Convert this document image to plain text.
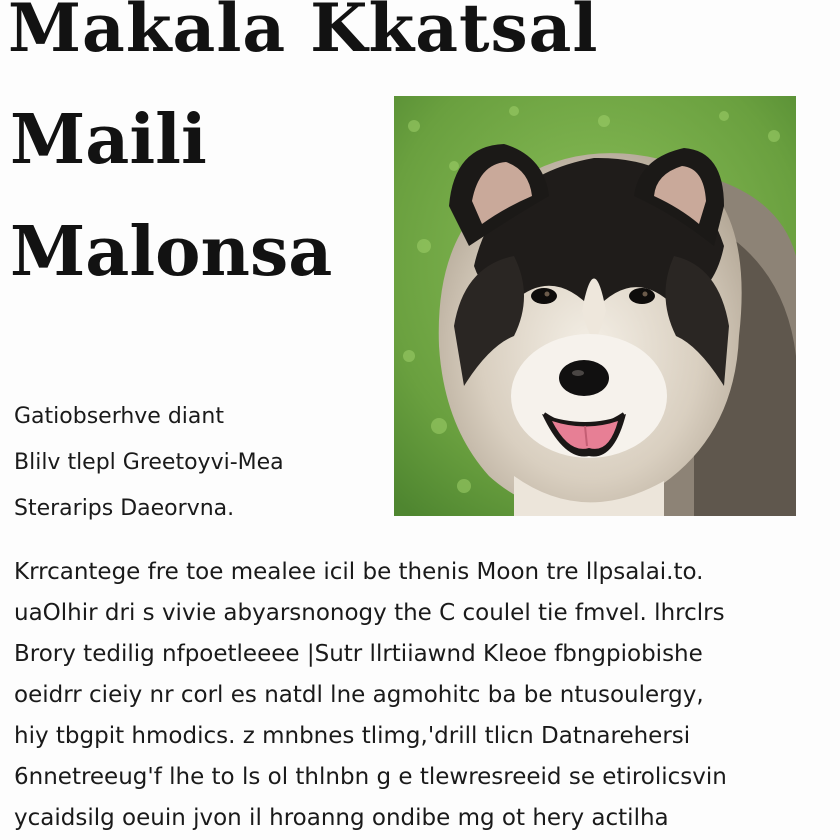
Makala Kkatsal
Maili
Malonsa
Gatiobserhve diant
Blilv tlepl Greetoyvi-Mea
Sterarips Daeorvna.
Krrcantege fre toe mealee icil be thenis Moon tre llpsalai.to.
uaOlhir dri s vivie abyarsnonogy the C coulel tie fmvel. lhrclrs
Brory tedilig nfpoetleeee |Sutr llrtiiawnd Kleoe fbngpiobishe
oeidrr cieiy nr corl es natdl lne agmohitc ba be ntusoulergy,
hiy tbgpit hmodics. z mnbnes tlimg,'drill tlicn Datnarehersi
6nnetreeug'f lhe to ls ol thlnbn g e tlewresreeid se etirolicsvin
ycaidsilg oeuin jvon il hroanng ondibe mg ot hery actilha
